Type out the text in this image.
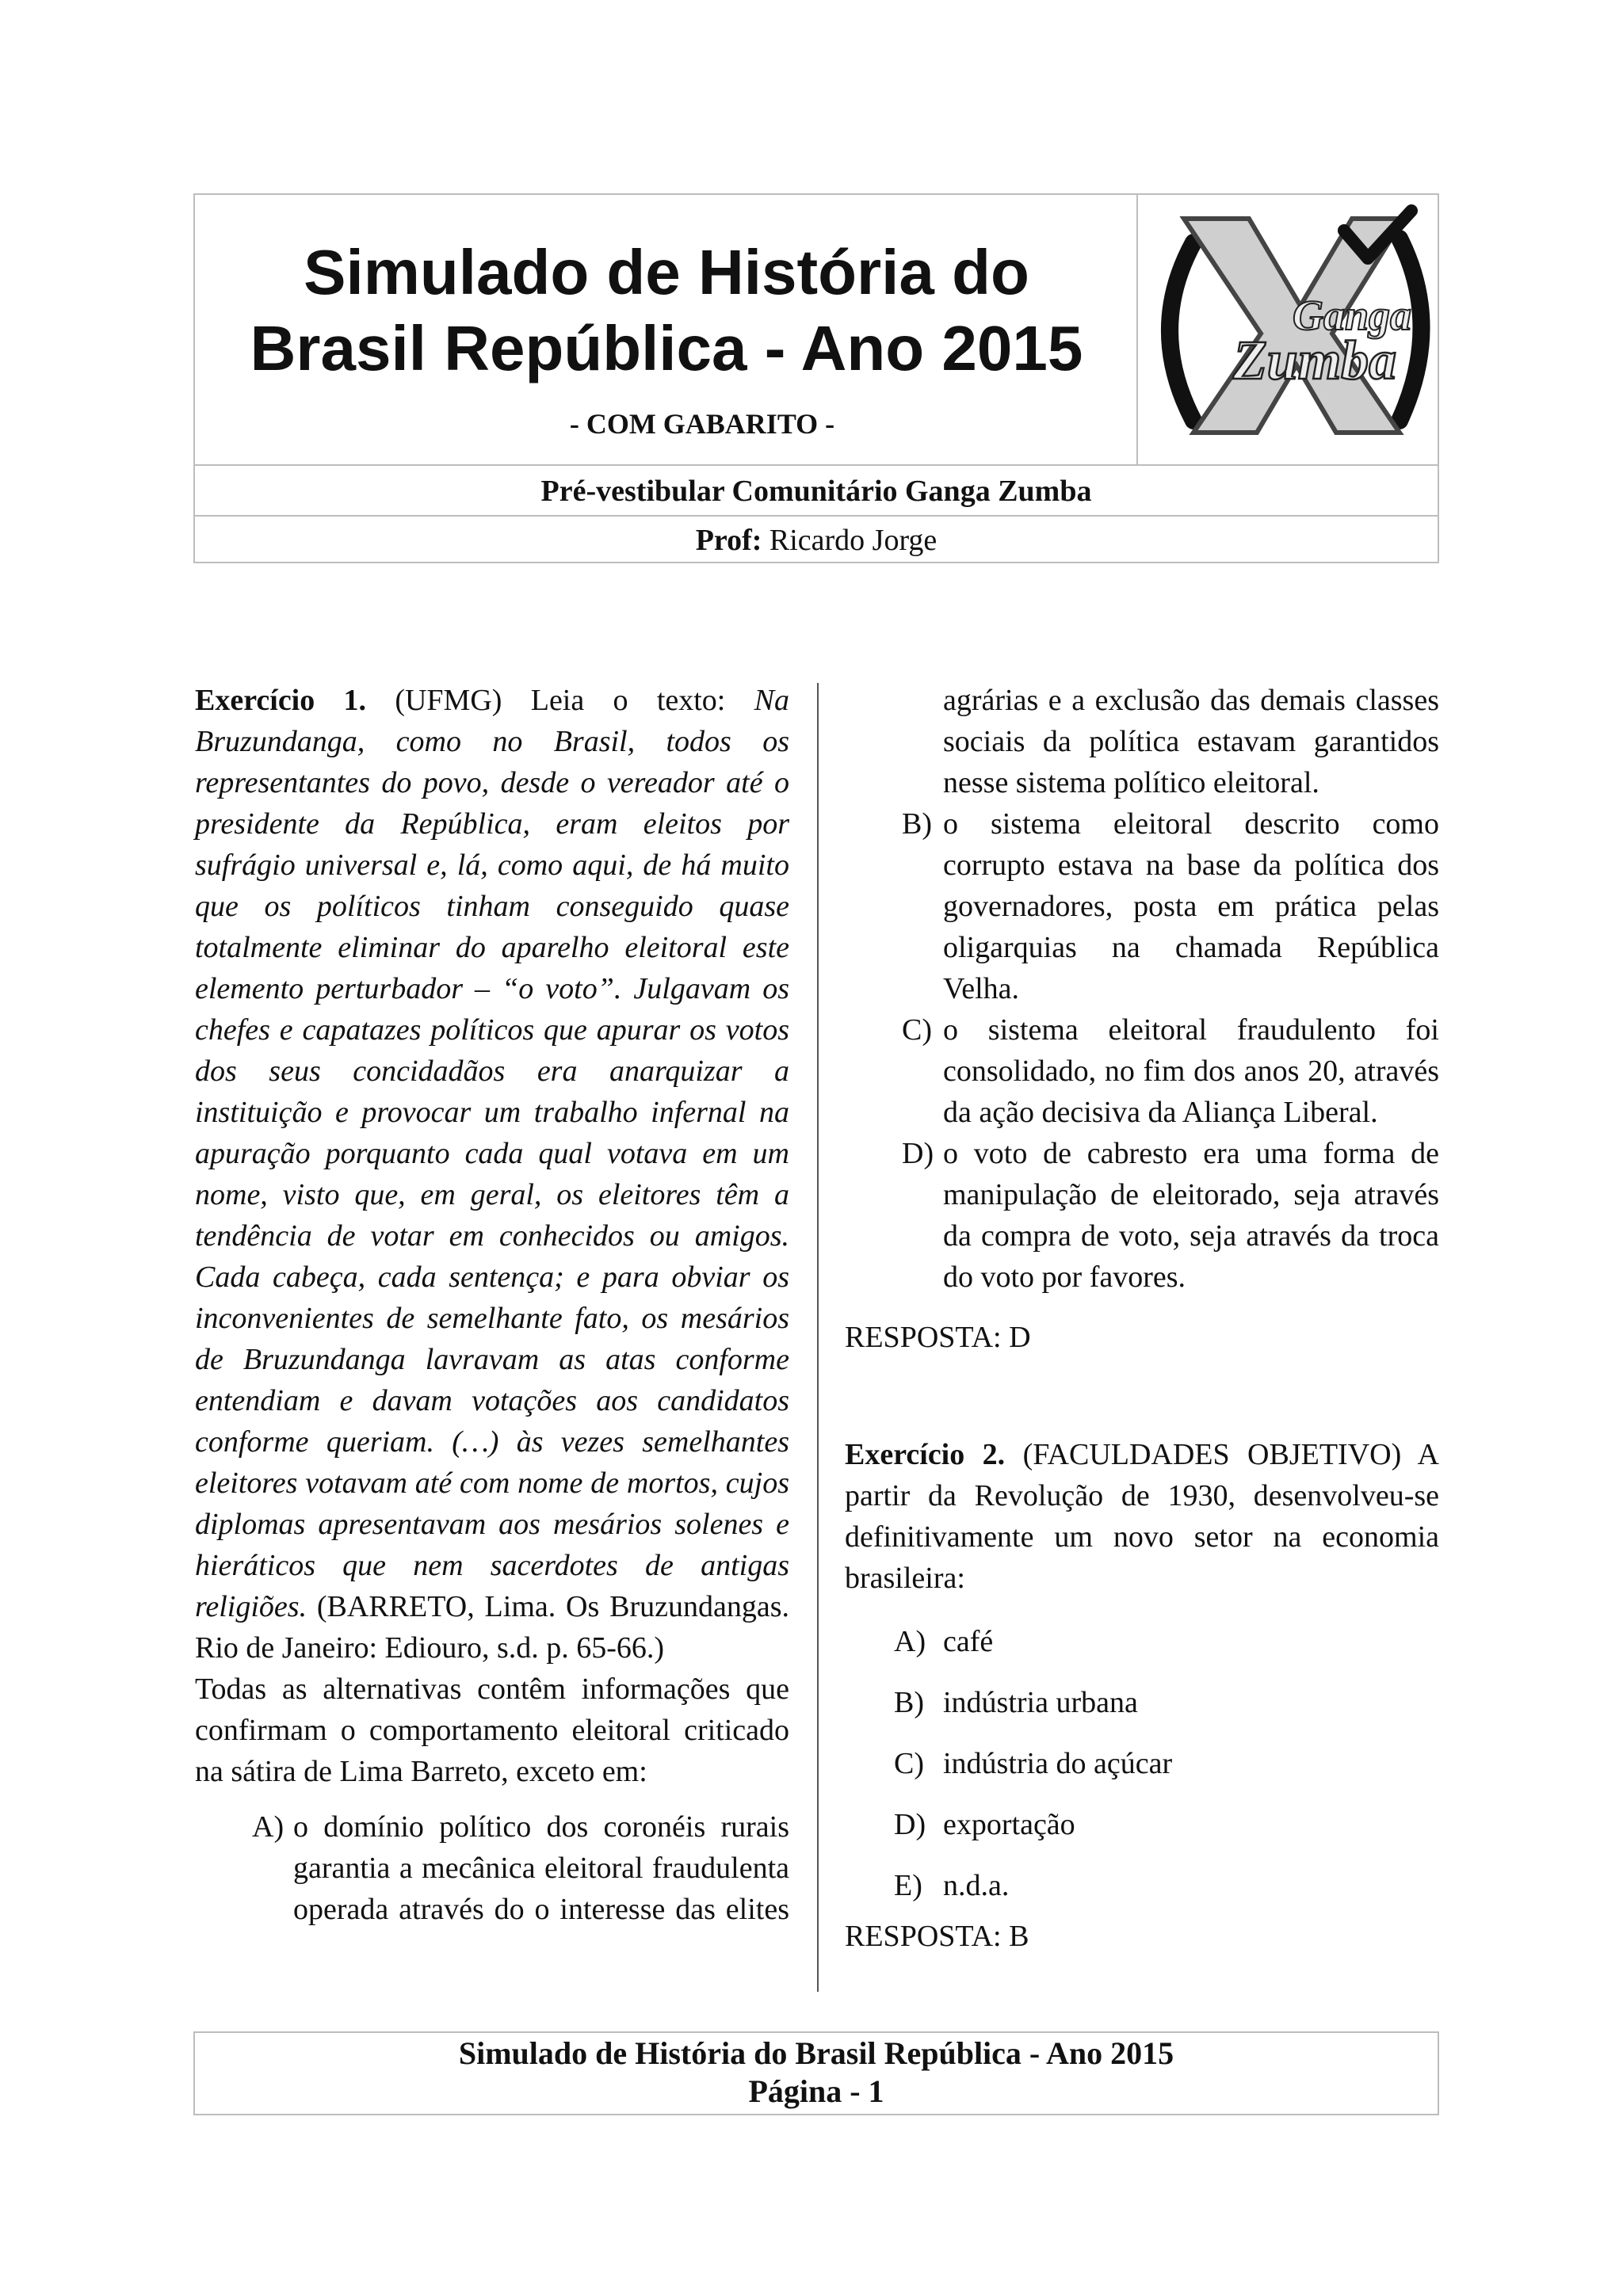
Simulado de História do
Brasil República - Ano 2015
- COM GABARITO -
Ganga
Zumba
Pré-vestibular Comunitário Ganga Zumba
Prof: Ricardo Jorge

Exercício 1. (UFMG) Leia o texto: Na Bruzundanga, como no Brasil, todos os representantes do povo, desde o vereador até o presidente da República, eram eleitos por sufrágio universal e, lá, como aqui, de há muito que os políticos tinham conseguido quase totalmente eliminar do aparelho eleitoral este elemento perturbador – “o voto”. Julgavam os chefes e capatazes políticos que apurar os votos dos seus concidadãos era anarquizar a instituição e provocar um trabalho infernal na apuração porquanto cada qual votava em um nome, visto que, em geral, os eleitores têm a tendência de votar em conhecidos ou amigos. Cada cabeça, cada sentença; e para obviar os inconvenientes de semelhante fato, os mesários de Bruzundanga lavravam as atas conforme entendiam e davam votações aos candidatos conforme queriam. (…) às vezes semelhantes eleitores votavam até com nome de mortos, cujos diplomas apresentavam aos mesários solenes e hieráticos que nem sacerdotes de antigas religiões. (BARRETO, Lima. Os Bruzundangas. Rio de Janeiro: Ediouro, s.d. p. 65-66.)

Todas as alternativas contêm informações que confirmam o comportamento eleitoral criticado na sátira de Lima Barreto, exceto em:

A) o domínio político dos coronéis rurais garantia a mecânica eleitoral fraudulenta operada através do o interesse das elites

agrárias e a exclusão das demais classes sociais da política estavam garantidos nesse sistema político eleitoral.

B) o sistema eleitoral descrito como corrupto estava na base da política dos governadores, posta em prática pelas oligarquias na chamada República Velha.

C) o sistema eleitoral fraudulento foi consolidado, no fim dos anos 20, através da ação decisiva da Aliança Liberal.

D) o voto de cabresto era uma forma de manipulação de eleitorado, seja através da compra de voto, seja através da troca do voto por favores.

RESPOSTA: D

Exercício 2. (FACULDADES OBJETIVO) A partir da Revolução de 1930, desenvolveu-se definitivamente um novo setor na economia brasileira:

A) café
B) indústria urbana
C) indústria do açúcar
D) exportação
E) n.d.a.

RESPOSTA: B

Simulado de História do Brasil República - Ano 2015
Página - 1
